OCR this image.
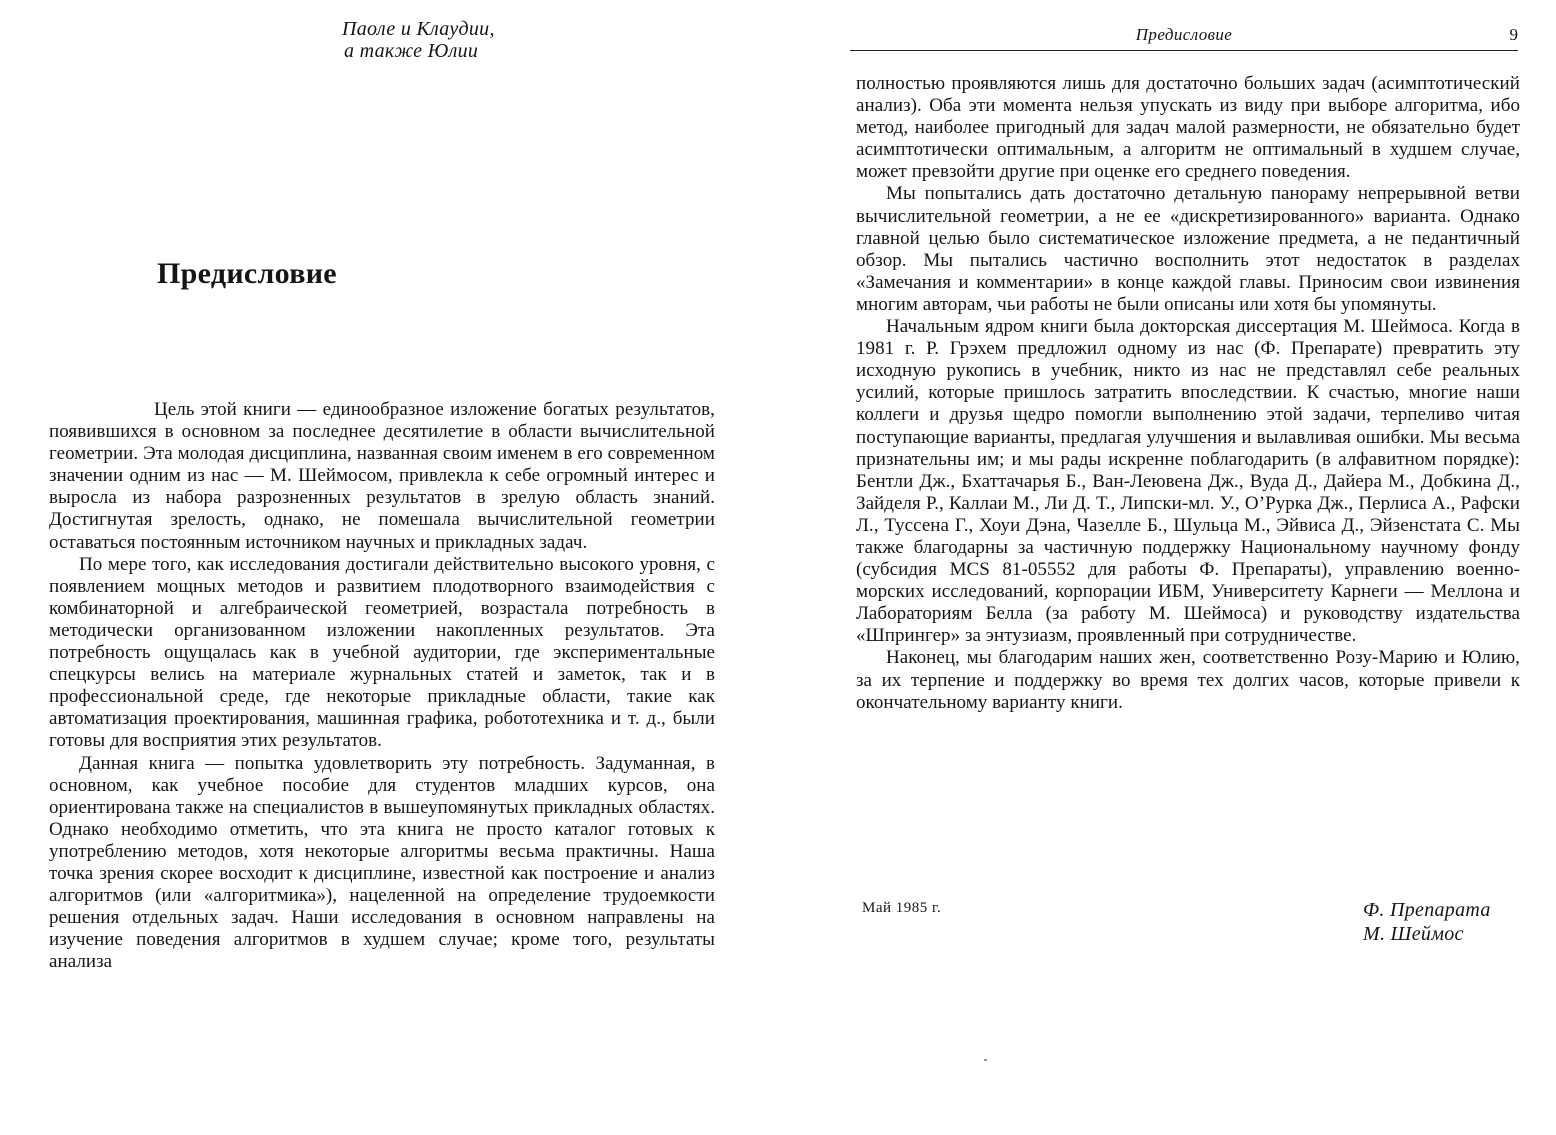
Паоле и Клаудии,
а также Юлии
Предисловие

Цель этой книги — единообразное изложение богатых результатов, появившихся в основном за последнее десятилетие в области вычислительной геометрии. Эта молодая дисциплина, названная своим именем в его современном значении одним из нас — М. Шеймосом, привлекла к себе огромный интерес и выросла из набора разрозненных результатов в зрелую область знаний. Достигнутая зрелость, однако, не помешала вычислительной геометрии оставаться постоянным источником научных и прикладных задач.

По мере того, как исследования достигали действительно высокого уровня, с появлением мощных методов и развитием плодотворного взаимодействия с комбинаторной и алгебраической геометрией, возрастала потребность в методически организованном изложении накопленных результатов. Эта потребность ощущалась как в учебной аудитории, где экспериментальные спецкурсы велись на материале журнальных статей и заметок, так и в профессиональной среде, где некоторые прикладные области, такие как автоматизация проектирования, машинная графика, робототехника и т. д., были готовы для восприятия этих результатов.

Данная книга — попытка удовлетворить эту потребность. Задуманная, в основном, как учебное пособие для студентов младших курсов, она ориентирована также на специалистов в вышеупомянутых прикладных областях. Однако необходимо отметить, что эта книга не просто каталог готовых к употреблению методов, хотя некоторые алгоритмы весьма практичны. Наша точка зрения скорее восходит к дисциплине, известной как построение и анализ алгоритмов (или «алгоритмика»), нацеленной на определение трудоемкости решения отдельных задач. Наши исследования в основном направлены на изучение поведения алгоритмов в худшем случае; кроме того, результаты анализа

Предисловие	9

полностью проявляются лишь для достаточно больших задач (асимптотический анализ). Оба эти момента нельзя упускать из виду при выборе алгоритма, ибо метод, наиболее пригодный для задач малой размерности, не обязательно будет асимптотически оптимальным, а алгоритм не оптимальный в худшем случае, может превзойти другие при оценке его среднего поведения.

Мы попытались дать достаточно детальную панораму непрерывной ветви вычислительной геометрии, а не ее «дискретизированного» варианта. Однако главной целью было систематическое изложение предмета, а не педантичный обзор. Мы пытались частично восполнить этот недостаток в разделах «Замечания и комментарии» в конце каждой главы. Приносим свои извинения многим авторам, чьи работы не были описаны или хотя бы упомянуты.

Начальным ядром книги была докторская диссертация М. Шеймоса. Когда в 1981 г. Р. Грэхем предложил одному из нас (Ф. Препарате) превратить эту исходную рукопись в учебник, никто из нас не представлял себе реальных усилий, которые пришлось затратить впоследствии. К счастью, многие наши коллеги и друзья щедро помогли выполнению этой задачи, терпеливо читая поступающие варианты, предлагая улучшения и вылавливая ошибки. Мы весьма признательны им; и мы рады искренне поблагодарить (в алфавитном порядке): Бентли Дж., Бхаттачарья Б., Ван-Леювена Дж., Вуда Д., Дайера М., Добкина Д., Зайделя Р., Каллаи М., Ли Д. Т., Липски-мл. У., О’Рурка Дж., Перлиса А., Рафски Л., Туссена Г., Хоуи Дэна, Чазелле Б., Шульца М., Эйвиса Д., Эйзенстата С. Мы также благодарны за частичную поддержку Национальному научному фонду (субсидия MCS 81-05552 для работы Ф. Препараты), управлению военно-морских исследований, корпорации ИБМ, Университету Карнеги — Меллона и Лабораториям Белла (за работу М. Шеймоса) и руководству издательства «Шпрингер» за энтузиазм, проявленный при сотрудничестве.

Наконец, мы благодарим наших жен, соответственно Розу-Марию и Юлию, за их терпение и поддержку во время тех долгих часов, которые привели к окончательному варианту книги.

Май 1985 г.	Ф. Препарата
М. Шеймос
